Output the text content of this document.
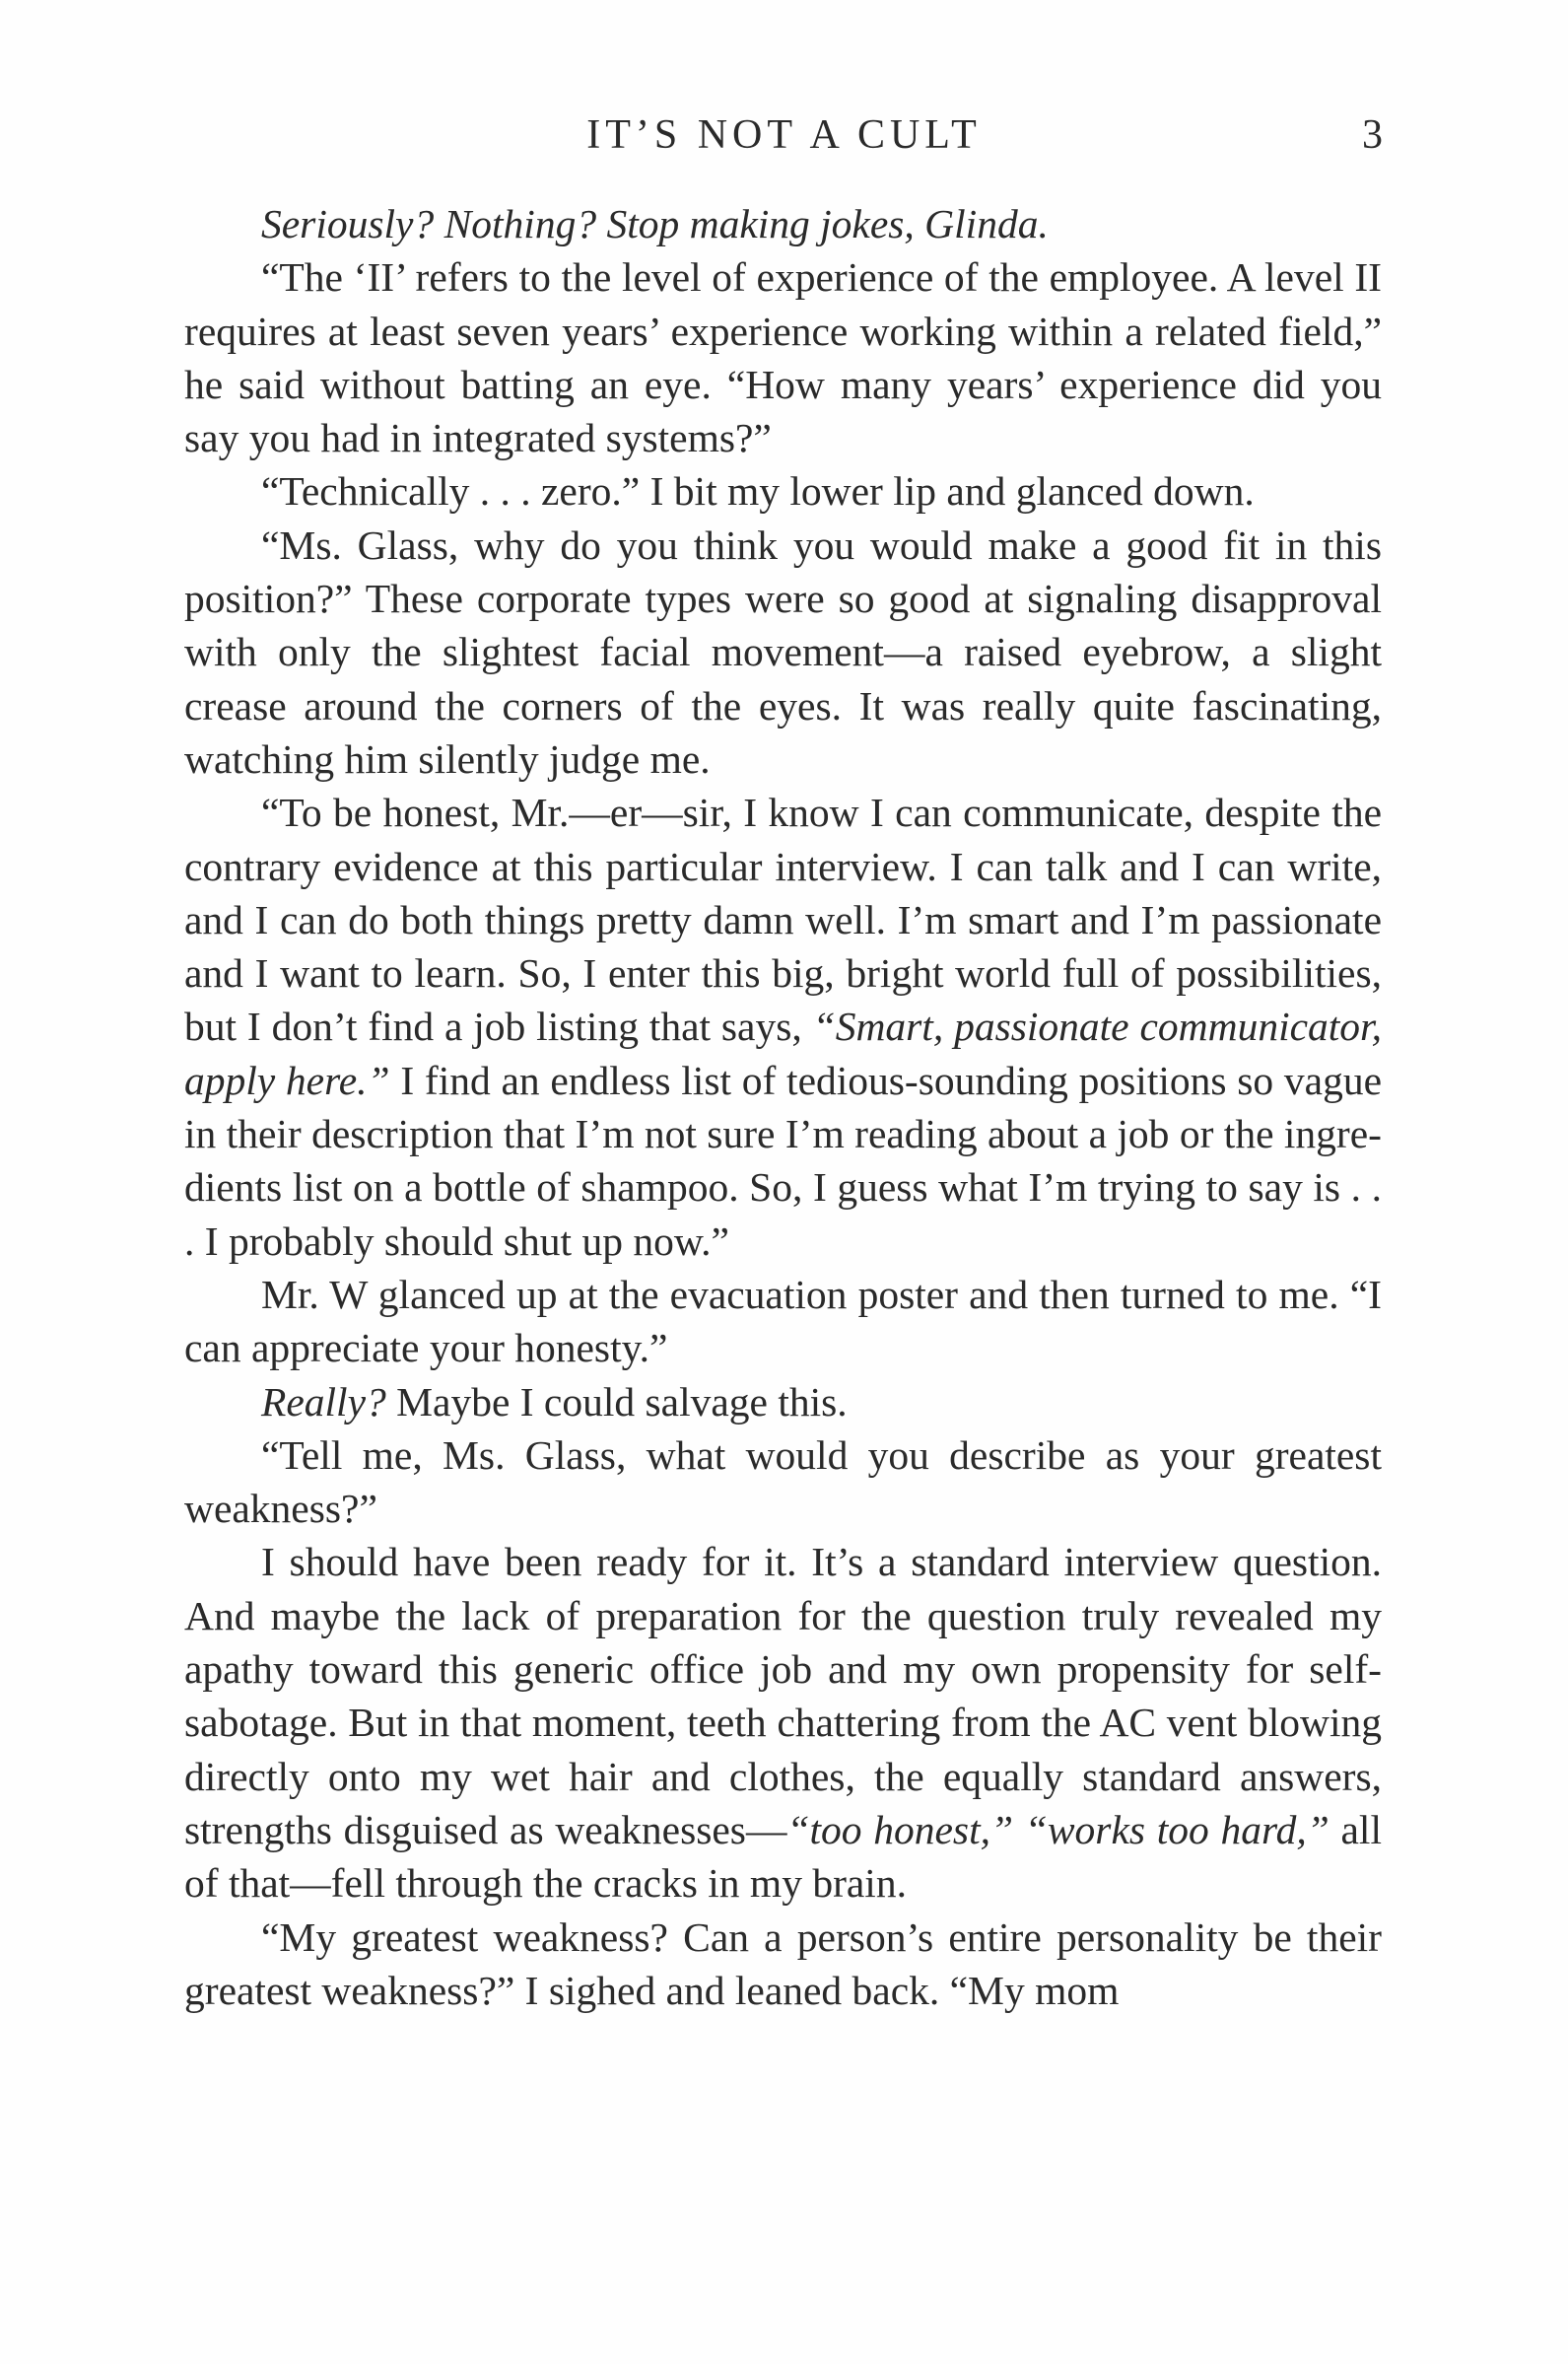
IT’S NOT A CULT	3

Seriously? Nothing? Stop making jokes, Glinda.

“The ‘II’ refers to the level of experience of the employee. A level II requires at least seven years’ experience working within a related field,” he said without batting an eye. “How many years’ experience did you say you had in integrated systems?”

“Technically . . . zero.” I bit my lower lip and glanced down.

“Ms. Glass, why do you think you would make a good fit in this position?” These corporate types were so good at signaling disapproval with only the slightest facial movement—a raised eyebrow, a slight crease around the corners of the eyes. It was really quite fascinating, watching him silently judge me.

“To be honest, Mr.—er—sir, I know I can communicate, despite the contrary evidence at this particular interview. I can talk and I can write, and I can do both things pretty damn well. I’m smart and I’m passionate and I want to learn. So, I enter this big, bright world full of possibilities, but I don’t find a job listing that says, “Smart, passionate communicator, apply here.” I find an endless list of tedious-sounding positions so vague in their description that I’m not sure I’m reading about a job or the ingredients list on a bottle of shampoo. So, I guess what I’m trying to say is . . . I probably should shut up now.”

Mr. W glanced up at the evacuation poster and then turned to me. “I can appreciate your honesty.”

Really? Maybe I could salvage this.

“Tell me, Ms. Glass, what would you describe as your greatest weakness?”

I should have been ready for it. It’s a standard interview question. And maybe the lack of preparation for the question truly revealed my apathy toward this generic office job and my own propensity for self-sabotage. But in that moment, teeth chattering from the AC vent blowing directly onto my wet hair and clothes, the equally standard answers, strengths disguised as weaknesses—“too honest,” “works too hard,” all of that—fell through the cracks in my brain.

“My greatest weakness? Can a person’s entire personality be their greatest weakness?” I sighed and leaned back. “My mom
